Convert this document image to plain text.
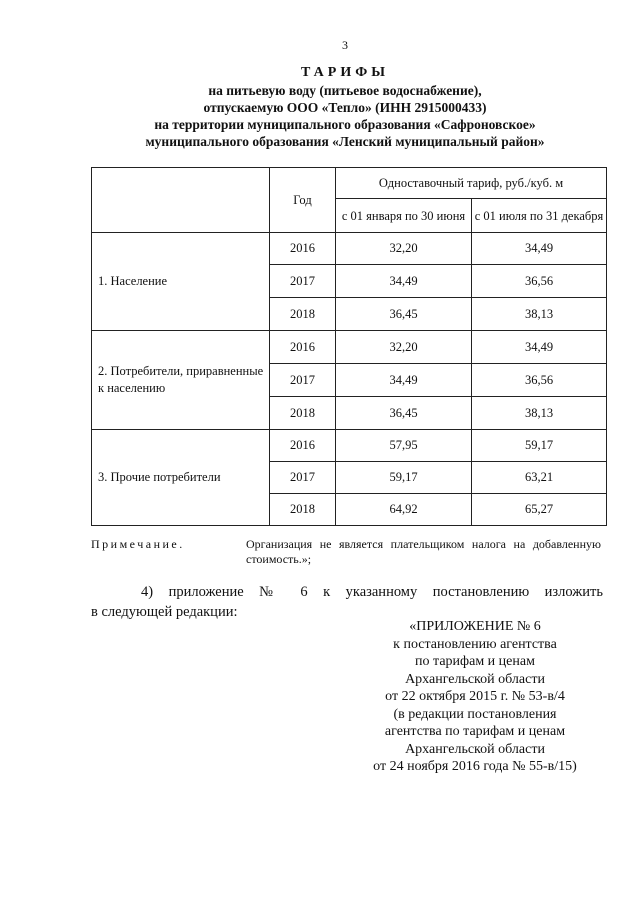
3
ТАРИФЫ
на питьевую воду (питьевое водоснабжение),
отпускаемую ООО «Тепло» (ИНН 2915000433)
на территории муниципального образования «Сафроновское»
муниципального образования «Ленский муниципальный район»
	Год	Одноставочный тариф, руб./куб. м	
		с 01 января по 30 июня	с 01 июля по 31 декабря
1. Население	2016	32,20	34,49
	2017	34,49	36,56
	2018	36,45	38,13
2. Потребители, приравненные к населению	2016	32,20	34,49
	2017	34,49	36,56
	2018	36,45	38,13
3. Прочие потребители	2016	57,95	59,17
	2017	59,17	63,21
	2018	64,92	65,27
Примечание.	Организация не является плательщиком налога на добавленную стоимость.»;
4) приложение № 6 к указанному постановлению изложить
в следующей редакции:
«ПРИЛОЖЕНИЕ № 6
к постановлению агентства
по тарифам и ценам
Архангельской области
от 22 октября 2015 г. № 53-в/4
(в редакции постановления
агентства по тарифам и ценам
Архангельской области
от 24 ноября 2016 года № 55-в/15)
